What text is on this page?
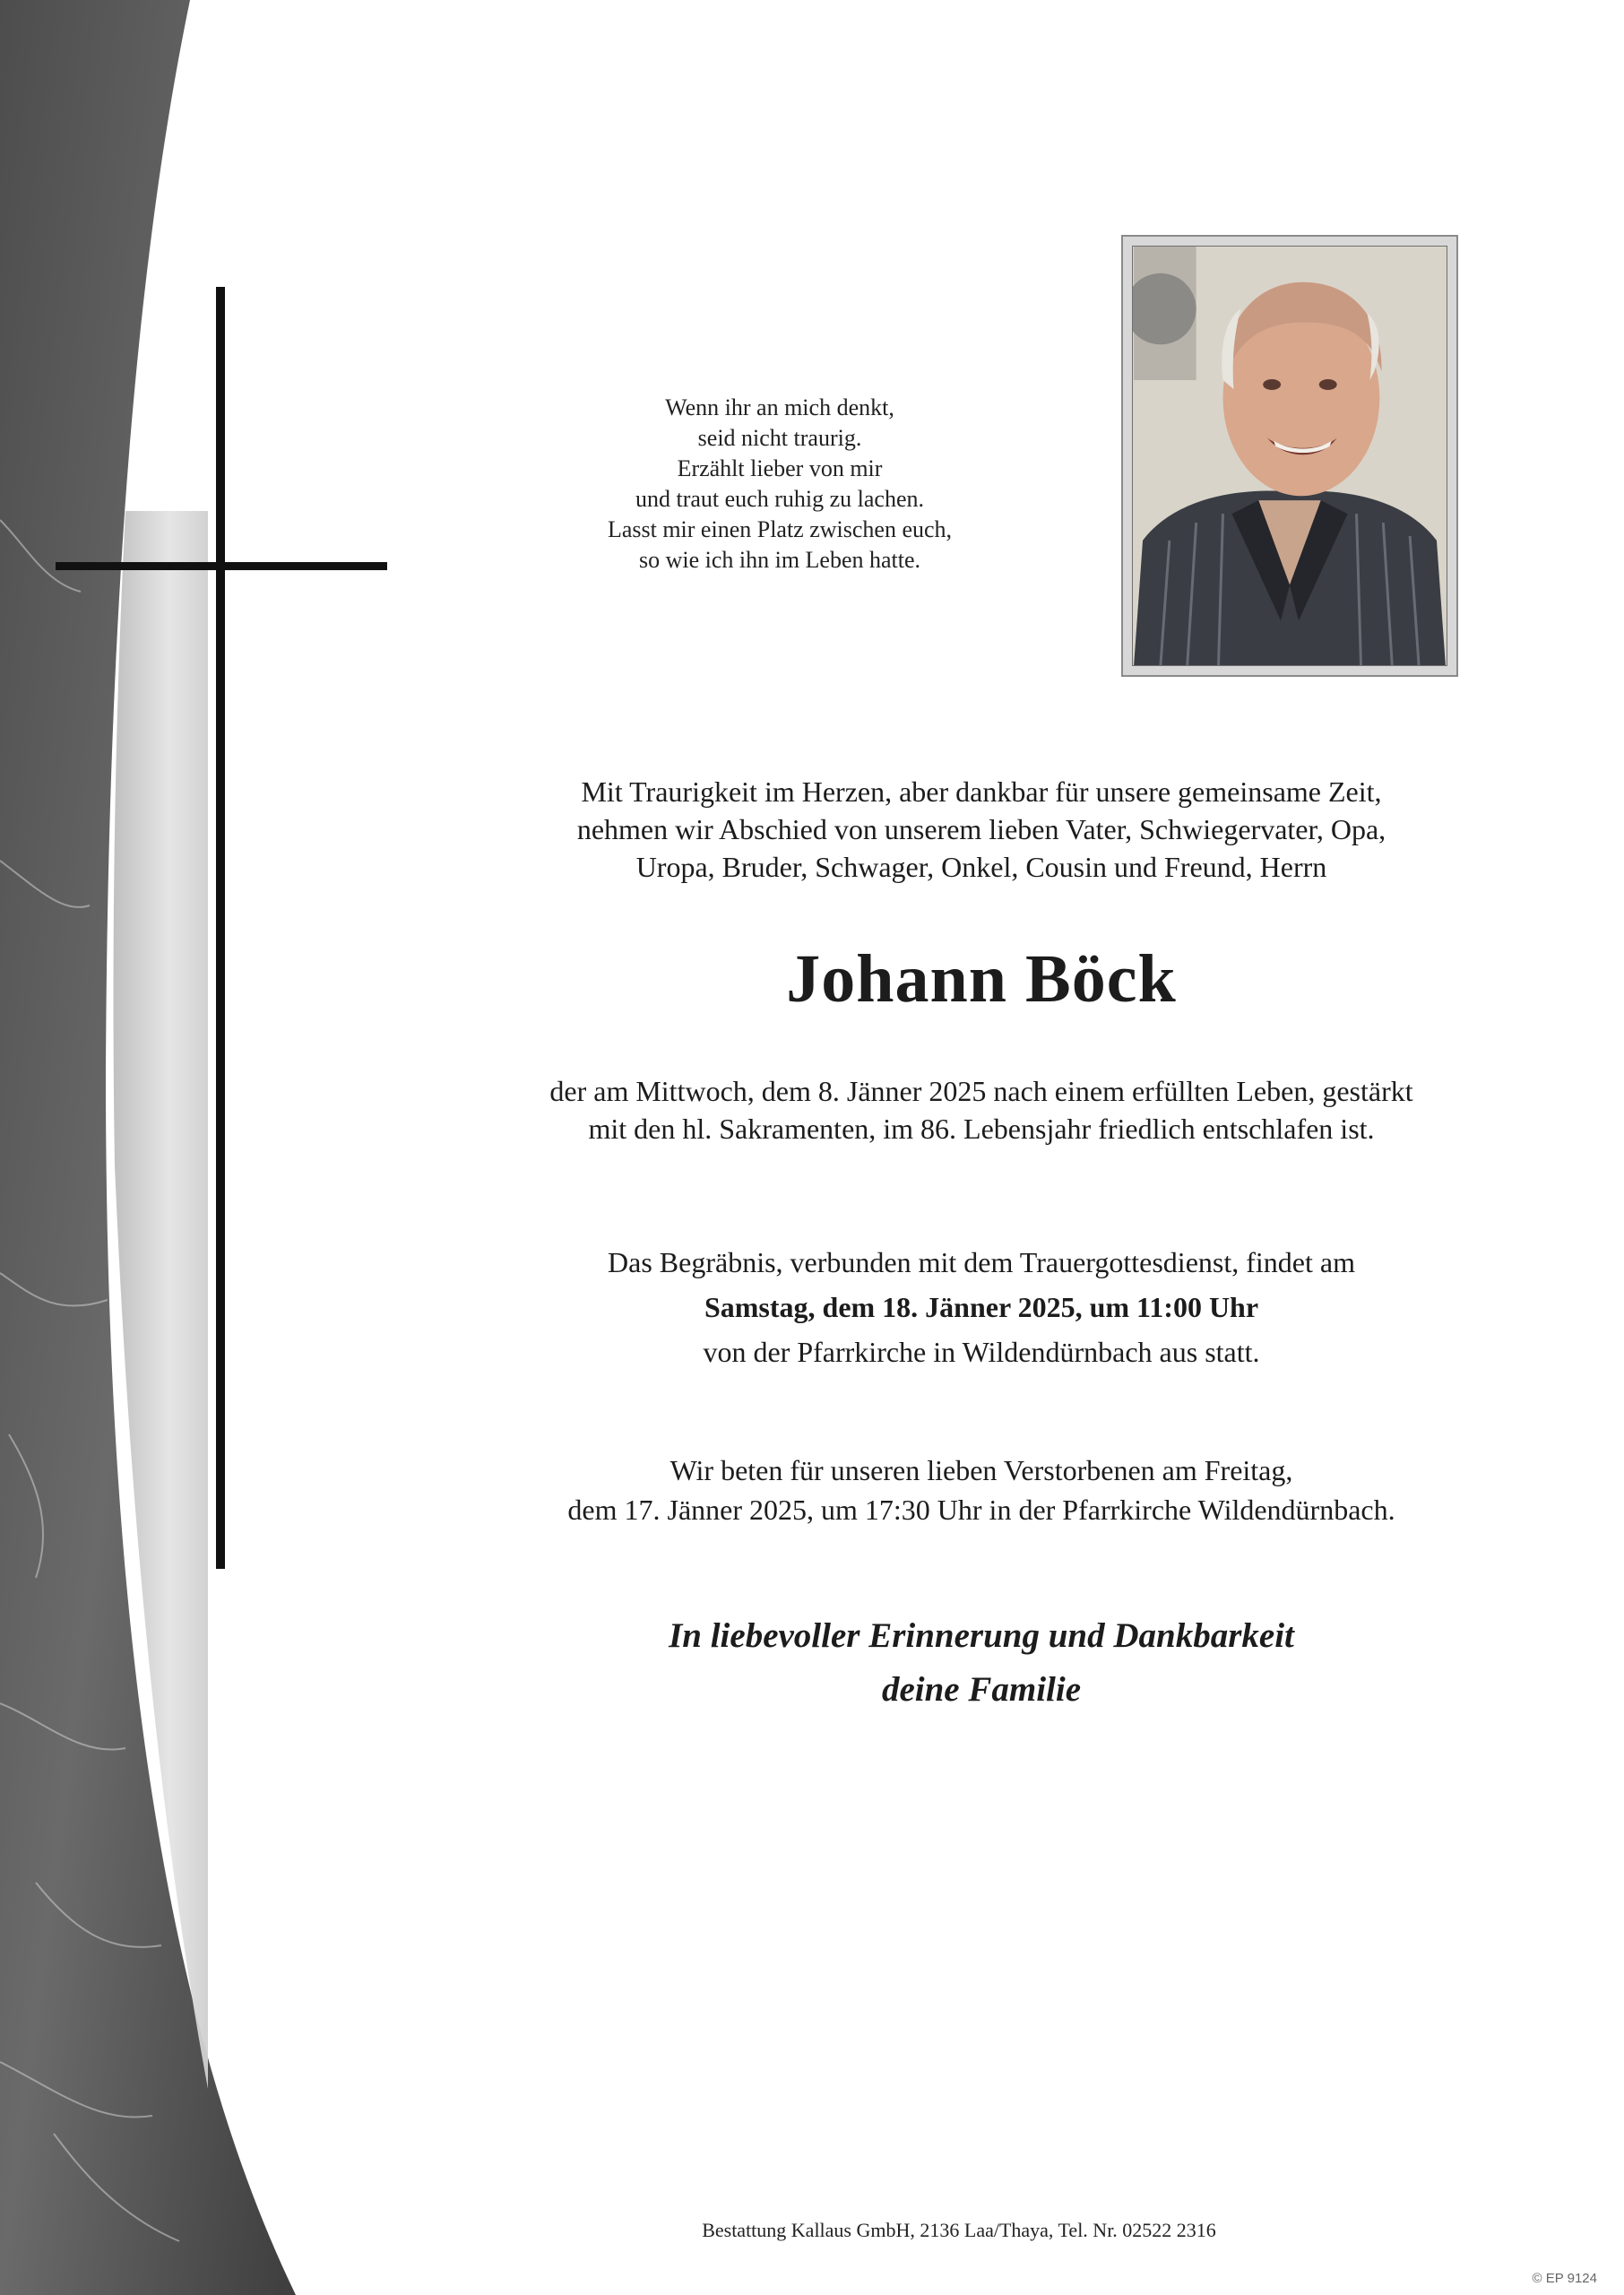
Wenn ihr an mich denkt,
seid nicht traurig.
Erzählt lieber von mir
und traut euch ruhig zu lachen.
Lasst mir einen Platz zwischen euch,
so wie ich ihn im Leben hatte.
Mit Traurigkeit im Herzen, aber dankbar für unsere gemeinsame Zeit,
nehmen wir Abschied von unserem lieben Vater, Schwiegervater, Opa,
Uropa, Bruder, Schwager, Onkel, Cousin und Freund, Herrn
Johann Böck
der am Mittwoch, dem 8. Jänner 2025 nach einem erfüllten Leben, gestärkt
mit den hl. Sakramenten, im 86. Lebensjahr friedlich entschlafen ist.
Das Begräbnis, verbunden mit dem Trauergottesdienst, findet am
Samstag, dem 18. Jänner 2025, um 11:00 Uhr
von der Pfarrkirche in Wildendürnbach aus statt.
Wir beten für unseren lieben Verstorbenen am Freitag,
dem 17. Jänner 2025, um 17:30 Uhr in der Pfarrkirche Wildendürnbach.
In liebevoller Erinnerung und Dankbarkeit
deine Familie
Bestattung Kallaus GmbH, 2136 Laa/Thaya, Tel. Nr. 02522 2316
© EP 9124
